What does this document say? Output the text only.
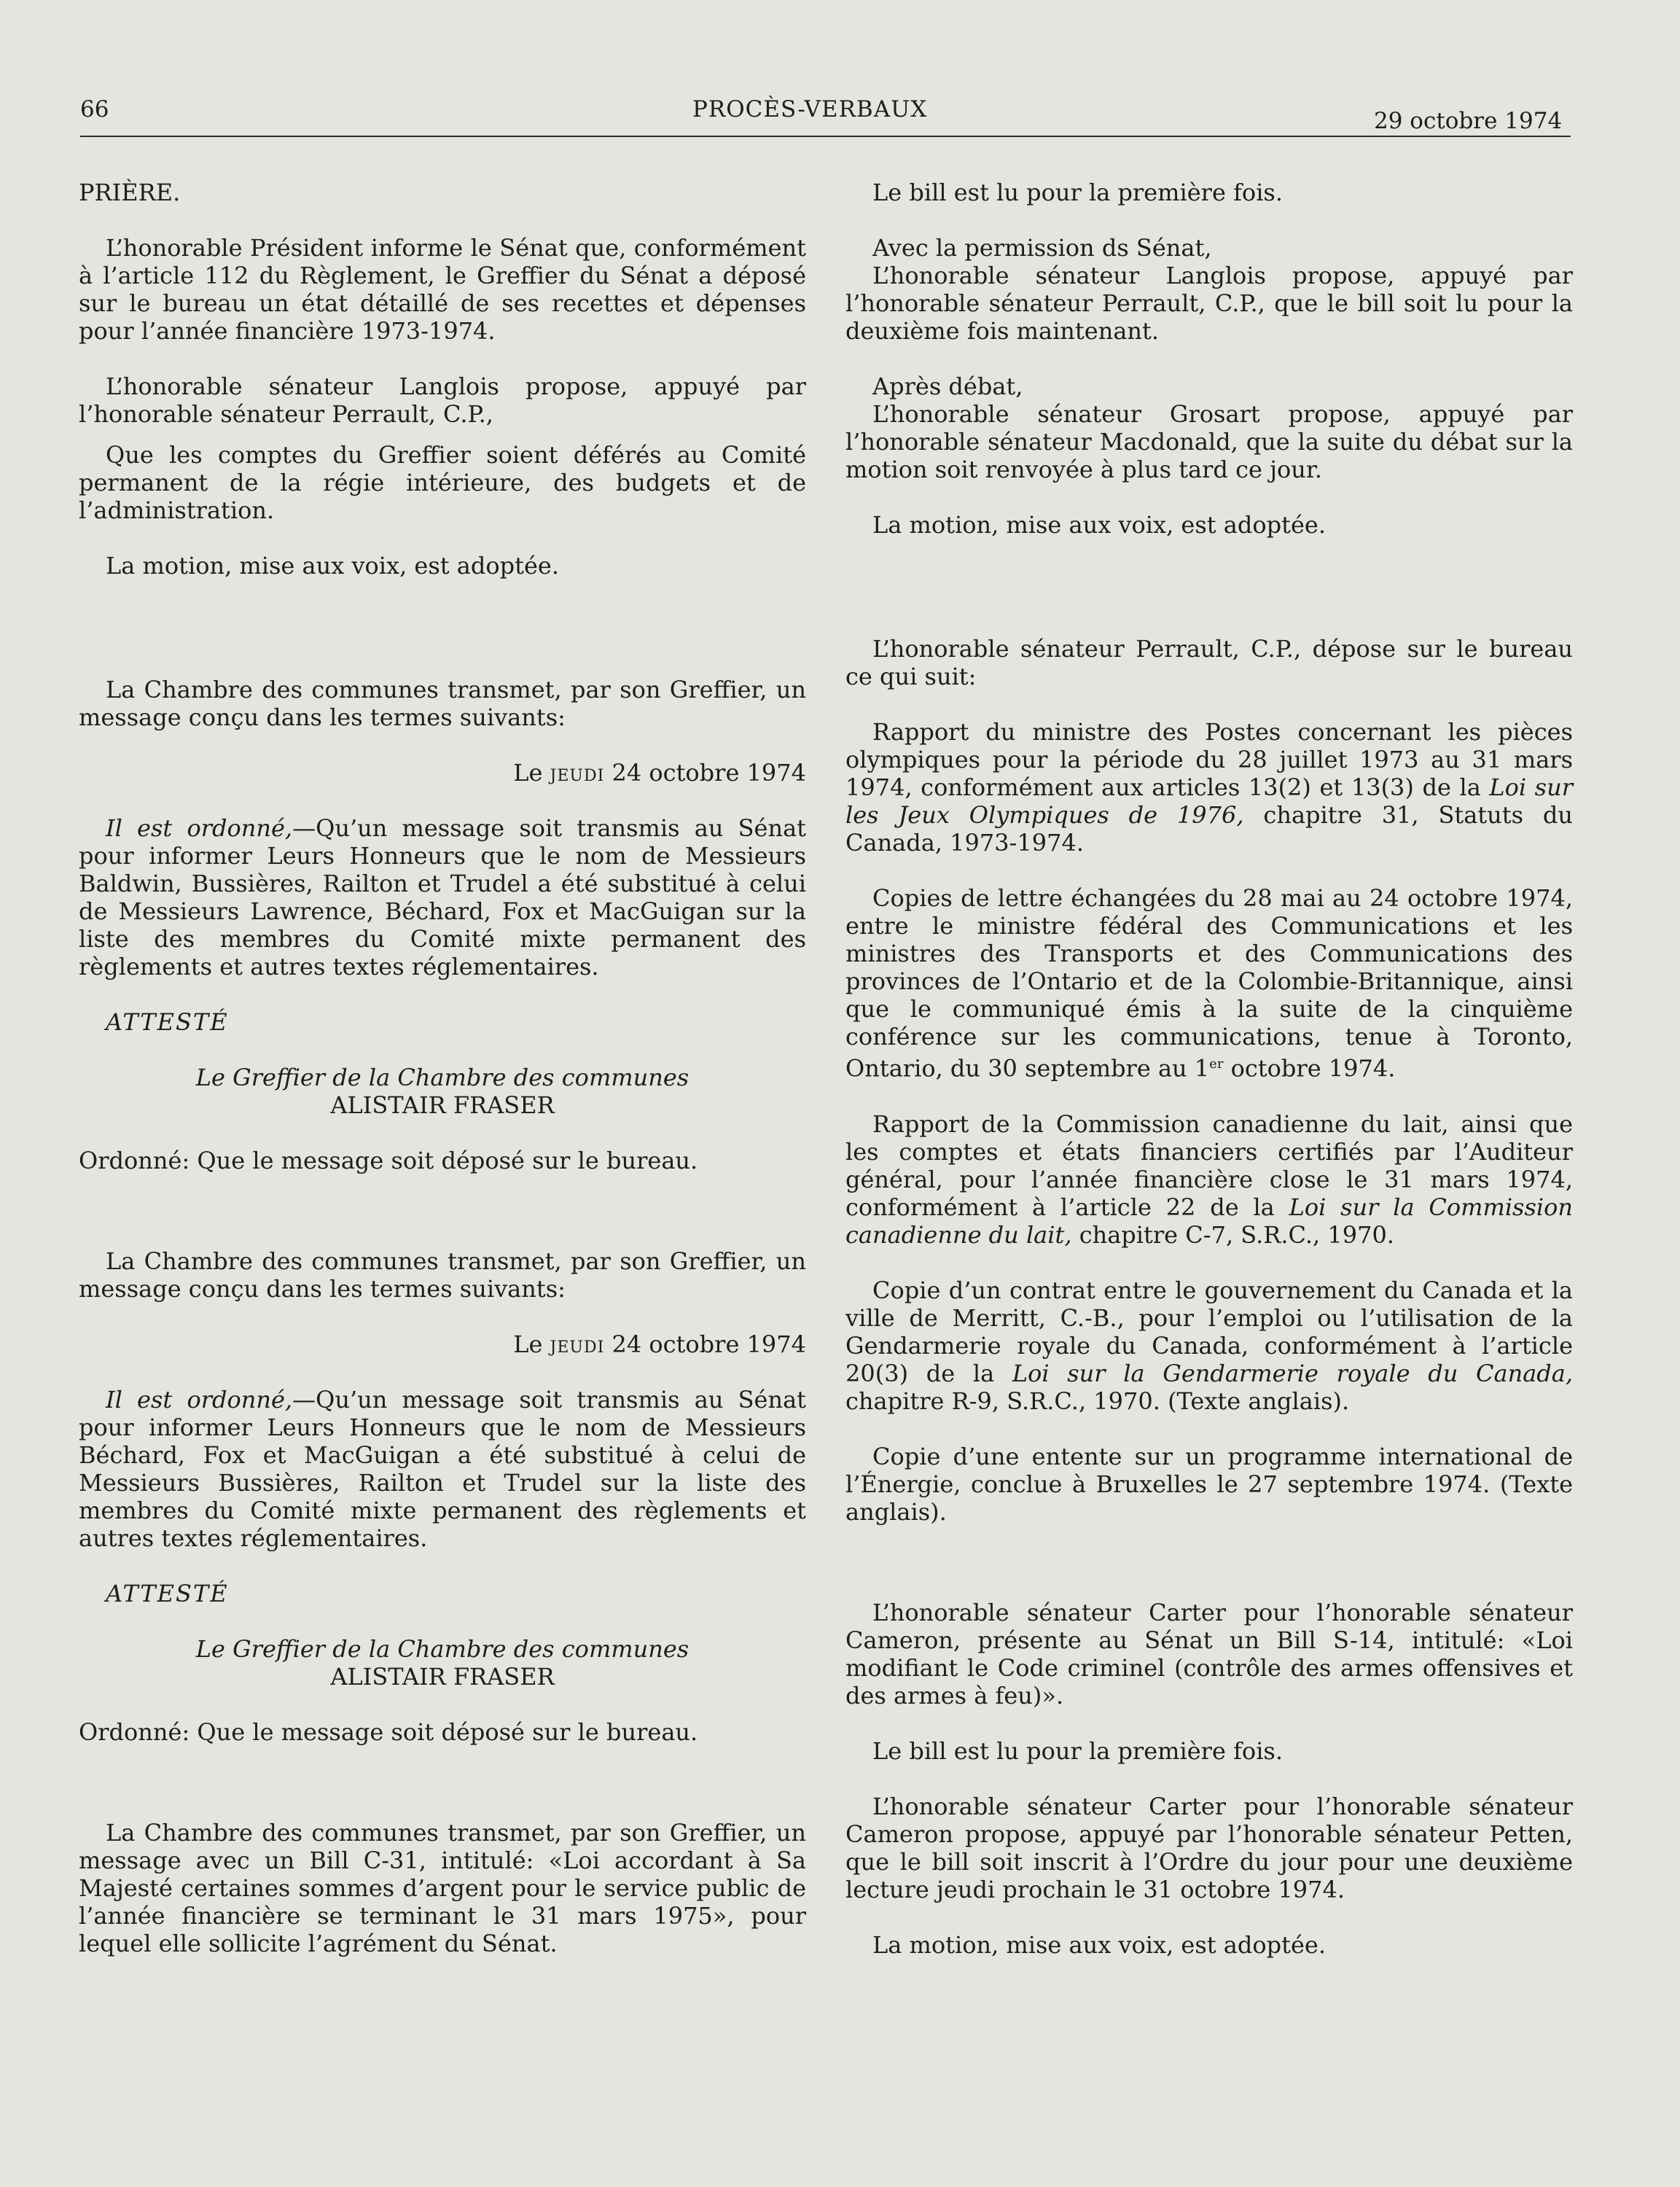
66	PROCÈS-VERBAUX	29 octobre 1974

PRIÈRE.

L’honorable Président informe le Sénat que, conformément à l’article 112 du Règlement, le Greffier du Sénat a déposé sur le bureau un état détaillé de ses recettes et dépenses pour l’année financière 1973-1974.

L’honorable sénateur Langlois propose, appuyé par l’honorable sénateur Perrault, C.P.,

Que les comptes du Greffier soient déférés au Comité permanent de la régie intérieure, des budgets et de l’administration.

La motion, mise aux voix, est adoptée.

La Chambre des communes transmet, par son Greffier, un message conçu dans les termes suivants:

Le jeudi 24 octobre 1974

Il est ordonné,—Qu’un message soit transmis au Sénat pour informer Leurs Honneurs que le nom de Messieurs Baldwin, Bussières, Railton et Trudel a été substitué à celui de Messieurs Lawrence, Béchard, Fox et MacGuigan sur la liste des membres du Comité mixte permanent des règlements et autres textes réglementaires.

ATTESTÉ

Le Greffier de la Chambre des communes

ALISTAIR FRASER

Ordonné: Que le message soit déposé sur le bureau.

La Chambre des communes transmet, par son Greffier, un message conçu dans les termes suivants:

Le jeudi 24 octobre 1974

Il est ordonné,—Qu’un message soit transmis au Sénat pour informer Leurs Honneurs que le nom de Messieurs Béchard, Fox et MacGuigan a été substitué à celui de Messieurs Bussières, Railton et Trudel sur la liste des membres du Comité mixte permanent des règlements et autres textes réglementaires.

ATTESTÉ

Le Greffier de la Chambre des communes

ALISTAIR FRASER

Ordonné: Que le message soit déposé sur le bureau.

La Chambre des communes transmet, par son Greffier, un message avec un Bill C-31, intitulé: «Loi accordant à Sa Majesté certaines sommes d’argent pour le service public de l’année financière se terminant le 31 mars 1975», pour lequel elle sollicite l’agrément du Sénat.

Le bill est lu pour la première fois.

Avec la permission ds Sénat,

L’honorable sénateur Langlois propose, appuyé par l’honorable sénateur Perrault, C.P., que le bill soit lu pour la deuxième fois maintenant.

Après débat,

L’honorable sénateur Grosart propose, appuyé par l’honorable sénateur Macdonald, que la suite du débat sur la motion soit renvoyée à plus tard ce jour.

La motion, mise aux voix, est adoptée.

L’honorable sénateur Perrault, C.P., dépose sur le bureau ce qui suit:

Rapport du ministre des Postes concernant les pièces olympiques pour la période du 28 juillet 1973 au 31 mars 1974, conformément aux articles 13(2) et 13(3) de la Loi sur les Jeux Olympiques de 1976, chapitre 31, Statuts du Canada, 1973-1974.

Copies de lettre échangées du 28 mai au 24 octobre 1974, entre le ministre fédéral des Communications et les ministres des Transports et des Communications des provinces de l’Ontario et de la Colombie-Britannique, ainsi que le communiqué émis à la suite de la cinquième conférence sur les communications, tenue à Toronto, Ontario, du 30 septembre au 1er octobre 1974.

Rapport de la Commission canadienne du lait, ainsi que les comptes et états financiers certifiés par l’Auditeur général, pour l’année financière close le 31 mars 1974, conformément à l’article 22 de la Loi sur la Commission canadienne du lait, chapitre C-7, S.R.C., 1970.

Copie d’un contrat entre le gouvernement du Canada et la ville de Merritt, C.-B., pour l’emploi ou l’utilisation de la Gendarmerie royale du Canada, conformément à l’article 20(3) de la Loi sur la Gendarmerie royale du Canada, chapitre R-9, S.R.C., 1970. (Texte anglais).

Copie d’une entente sur un programme international de l’Énergie, conclue à Bruxelles le 27 septembre 1974. (Texte anglais).

L’honorable sénateur Carter pour l’honorable sénateur Cameron, présente au Sénat un Bill S-14, intitulé: «Loi modifiant le Code criminel (contrôle des armes offensives et des armes à feu)».

Le bill est lu pour la première fois.

L’honorable sénateur Carter pour l’honorable sénateur Cameron propose, appuyé par l’honorable sénateur Petten, que le bill soit inscrit à l’Ordre du jour pour une deuxième lecture jeudi prochain le 31 octobre 1974.

La motion, mise aux voix, est adoptée.
